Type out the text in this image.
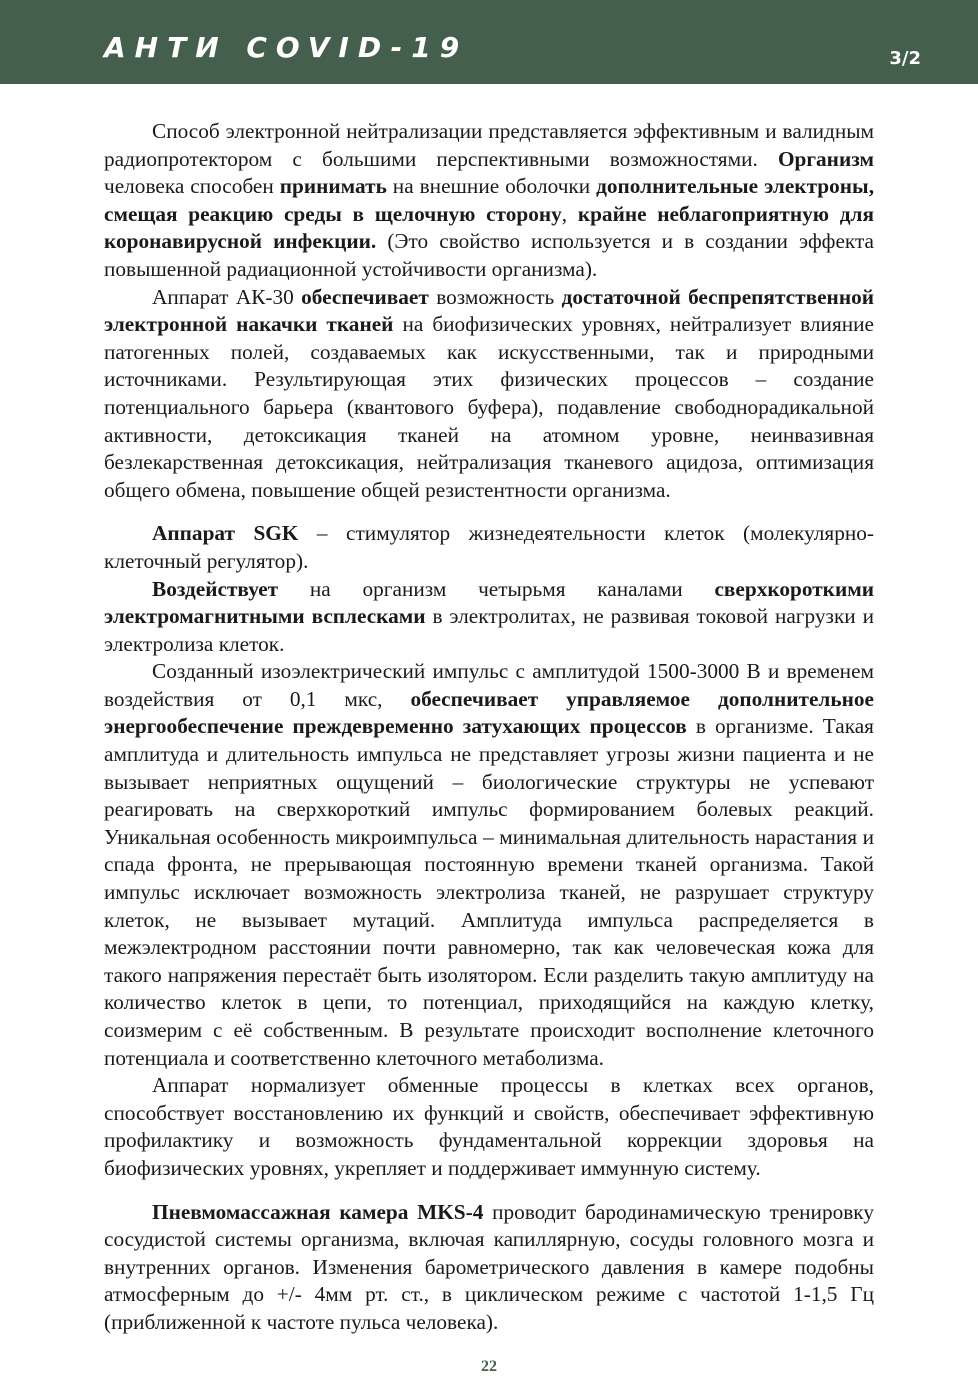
АНТИ COVID-19	3/2

Способ электронной нейтрализации представляется эффективным и валидным радиопротектором с большими перспективными возможностями. Организм человека способен принимать на внешние оболочки дополнительные электроны, смещая реакцию среды в щелочную сторону, крайне неблагоприятную для коронавирусной инфекции. (Это свойство используется и в создании эффекта повышенной радиационной устойчивости организма).

Аппарат АК-30 обеспечивает возможность достаточной беспрепятственной электронной накачки тканей на биофизических уровнях, нейтрализует влияние патогенных полей, создаваемых как искусственными, так и природными источниками. Результирующая этих физических процессов – создание потенциального барьера (квантового буфера), подавление свободнорадикальной активности, детоксикация тканей на атомном уровне, неинвазивная безлекарственная детоксикация, нейтрализация тканевого ацидоза, оптимизация общего обмена, повышение общей резистентности организма.

Аппарат SGK – стимулятор жизнедеятельности клеток (молекулярно-клеточный регулятор).

Воздействует на организм четырьмя каналами сверхкороткими электромагнитными всплесками в электролитах, не развивая токовой нагрузки и электролиза клеток.

Созданный изоэлектрический импульс с амплитудой 1500-3000 В и временем воздействия от 0,1 мкс, обеспечивает управляемое дополнительное энергообеспечение преждевременно затухающих процессов в организме. Такая амплитуда и длительность импульса не представляет угрозы жизни пациента и не вызывает неприятных ощущений – биологические структуры не успевают реагировать на сверхкороткий импульс формированием болевых реакций. Уникальная особенность микроимпульса – минимальная длительность нарастания и спада фронта, не прерывающая постоянную времени тканей организма. Такой импульс исключает возможность электролиза тканей, не разрушает структуру клеток, не вызывает мутаций. Амплитуда импульса распределяется в межэлектродном расстоянии почти равномерно, так как человеческая кожа для такого напряжения перестаёт быть изолятором. Если разделить такую амплитуду на количество клеток в цепи, то потенциал, приходящийся на каждую клетку, соизмерим с её собственным. В результате происходит восполнение клеточного потенциала и соответственно клеточного метаболизма.

Аппарат нормализует обменные процессы в клетках всех органов, способствует восстановлению их функций и свойств, обеспечивает эффективную профилактику и возможность фундаментальной коррекции здоровья на биофизических уровнях, укрепляет и поддерживает иммунную систему.

Пневмомассажная камера MKS-4 проводит бародинамическую тренировку сосудистой системы организма, включая капиллярную, сосуды головного мозга и внутренних органов. Изменения барометрического давления в камере подобны атмосферным до +/- 4мм рт. ст., в циклическом режиме с частотой 1-1,5 Гц (приближенной к частоте пульса человека).

22
